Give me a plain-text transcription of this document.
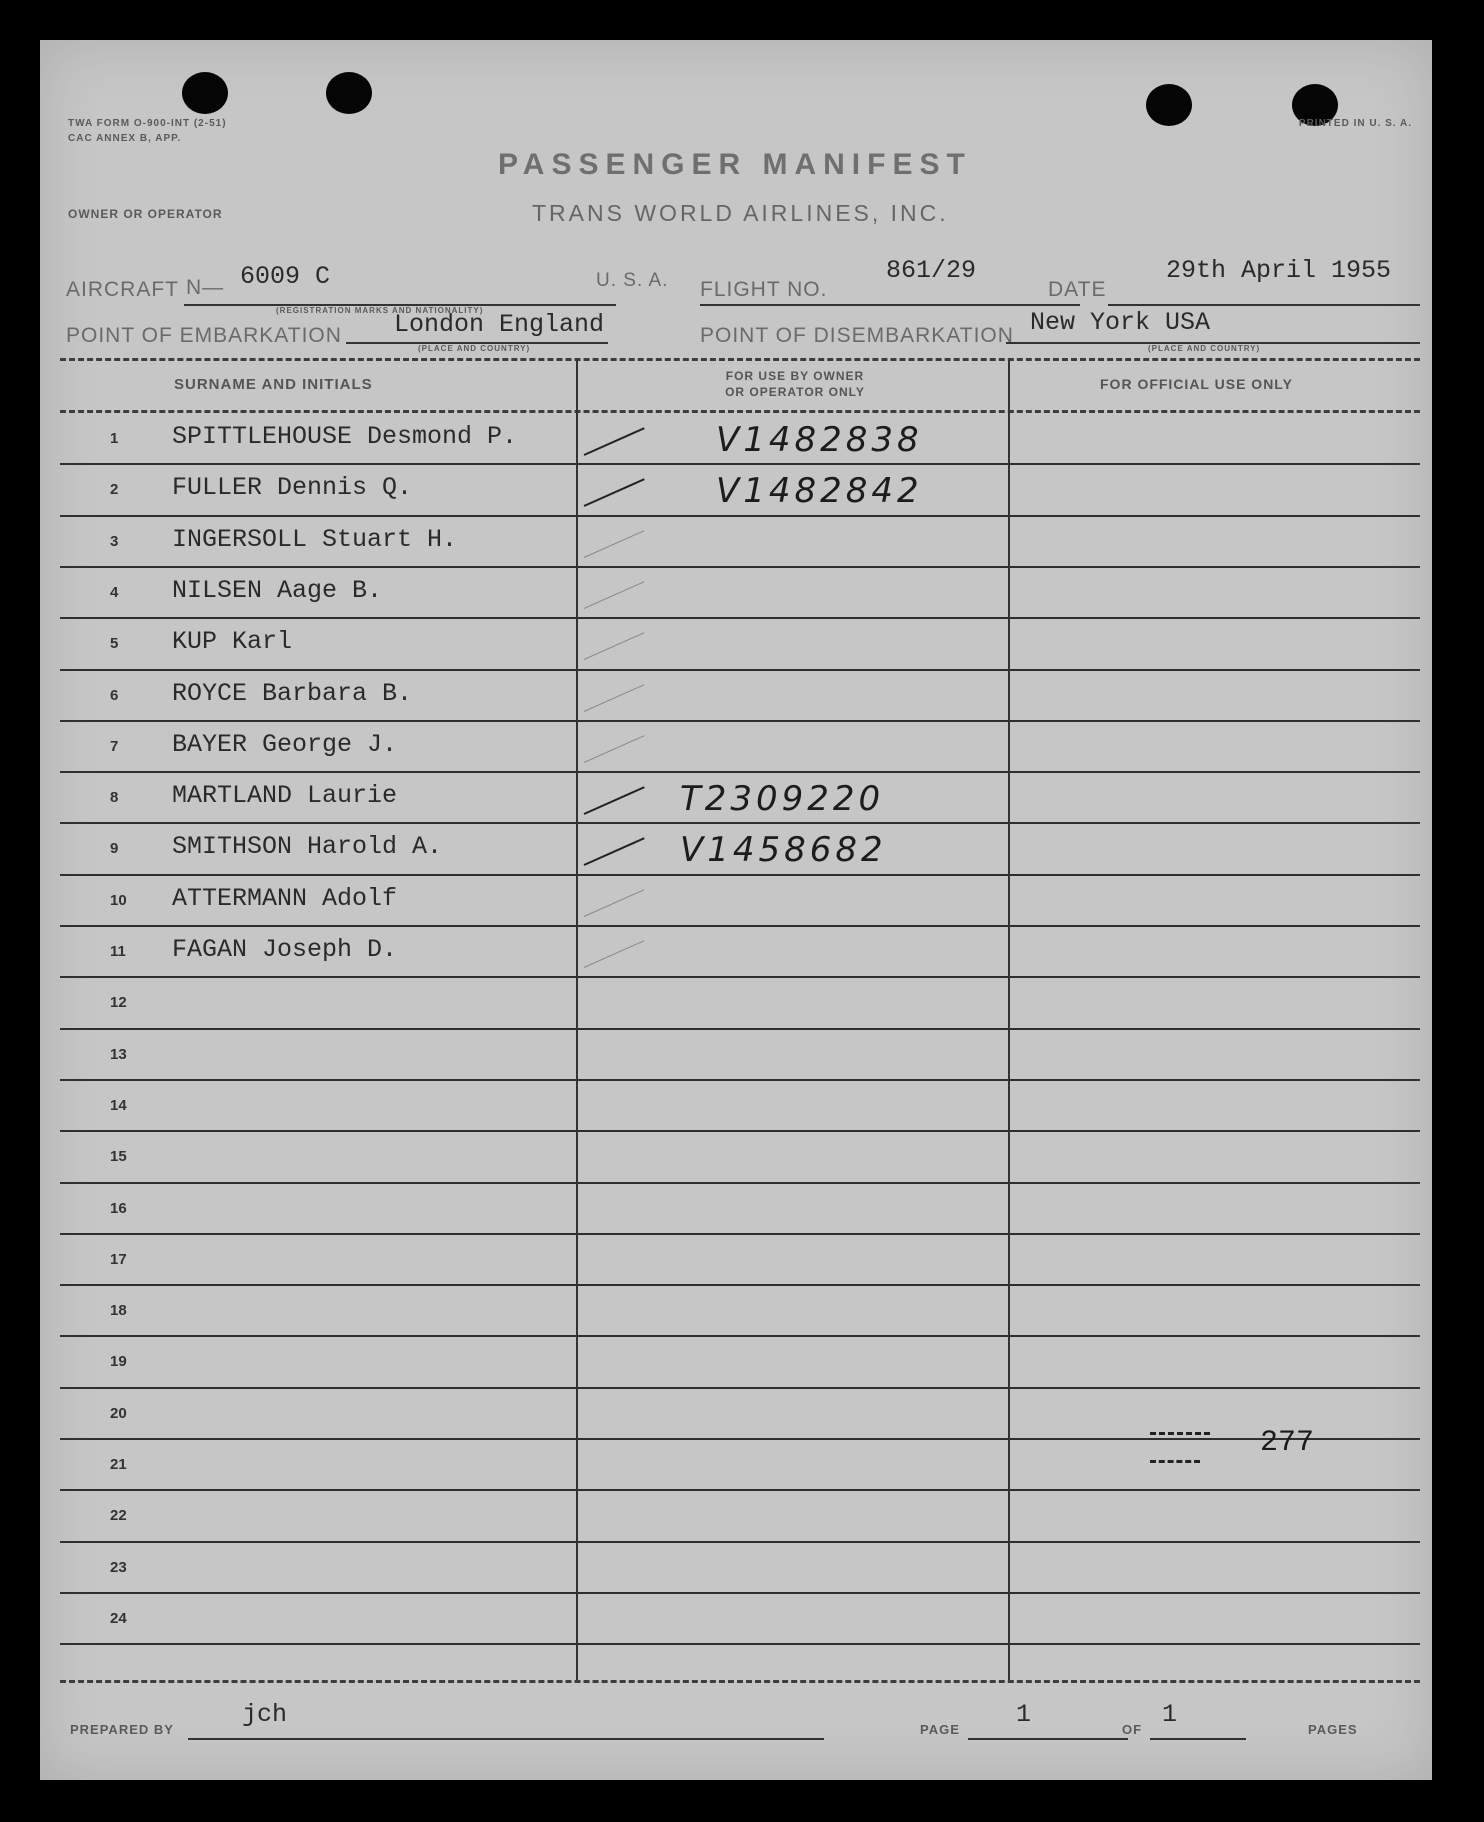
TWA FORM O-900-INT (2-51)
CAC ANNEX B, APP.
PRINTED IN U. S. A.
PASSENGER MANIFEST
TRANS WORLD AIRLINES, INC.
OWNER OR OPERATOR
AIRCRAFT N— 6009 C
(REGISTRATION MARKS AND NATIONALITY)
U. S. A. FLIGHT NO.
861/29
DATE
29th April 1955
POINT OF EMBARKATION London England
(PLACE AND COUNTRY)
POINT OF DISEMBARKATION New York USA
(PLACE AND COUNTRY)
SURNAME AND INITIALS	FOR USE BY OWNER
OR OPERATOR ONLY	FOR OFFICIAL USE ONLY
1	SPITTLEHOUSE Desmond P.	V1482838
2	FULLER Dennis Q.	V1482842
3	INGERSOLL Stuart H.
4	NILSEN Aage B.
5	KUP Karl
6	ROYCE Barbara B.
7	BAYER George J.
8	MARTLAND Laurie	T2309220
9	SMITHSON Harold A.	V1458682
10	ATTERMANN Adolf
11	FAGAN Joseph D.
12
13
14
15
16
17
18
19
20
21
22
23
24
277
PREPARED BY
jch
PAGE
1
OF
1
PAGES
